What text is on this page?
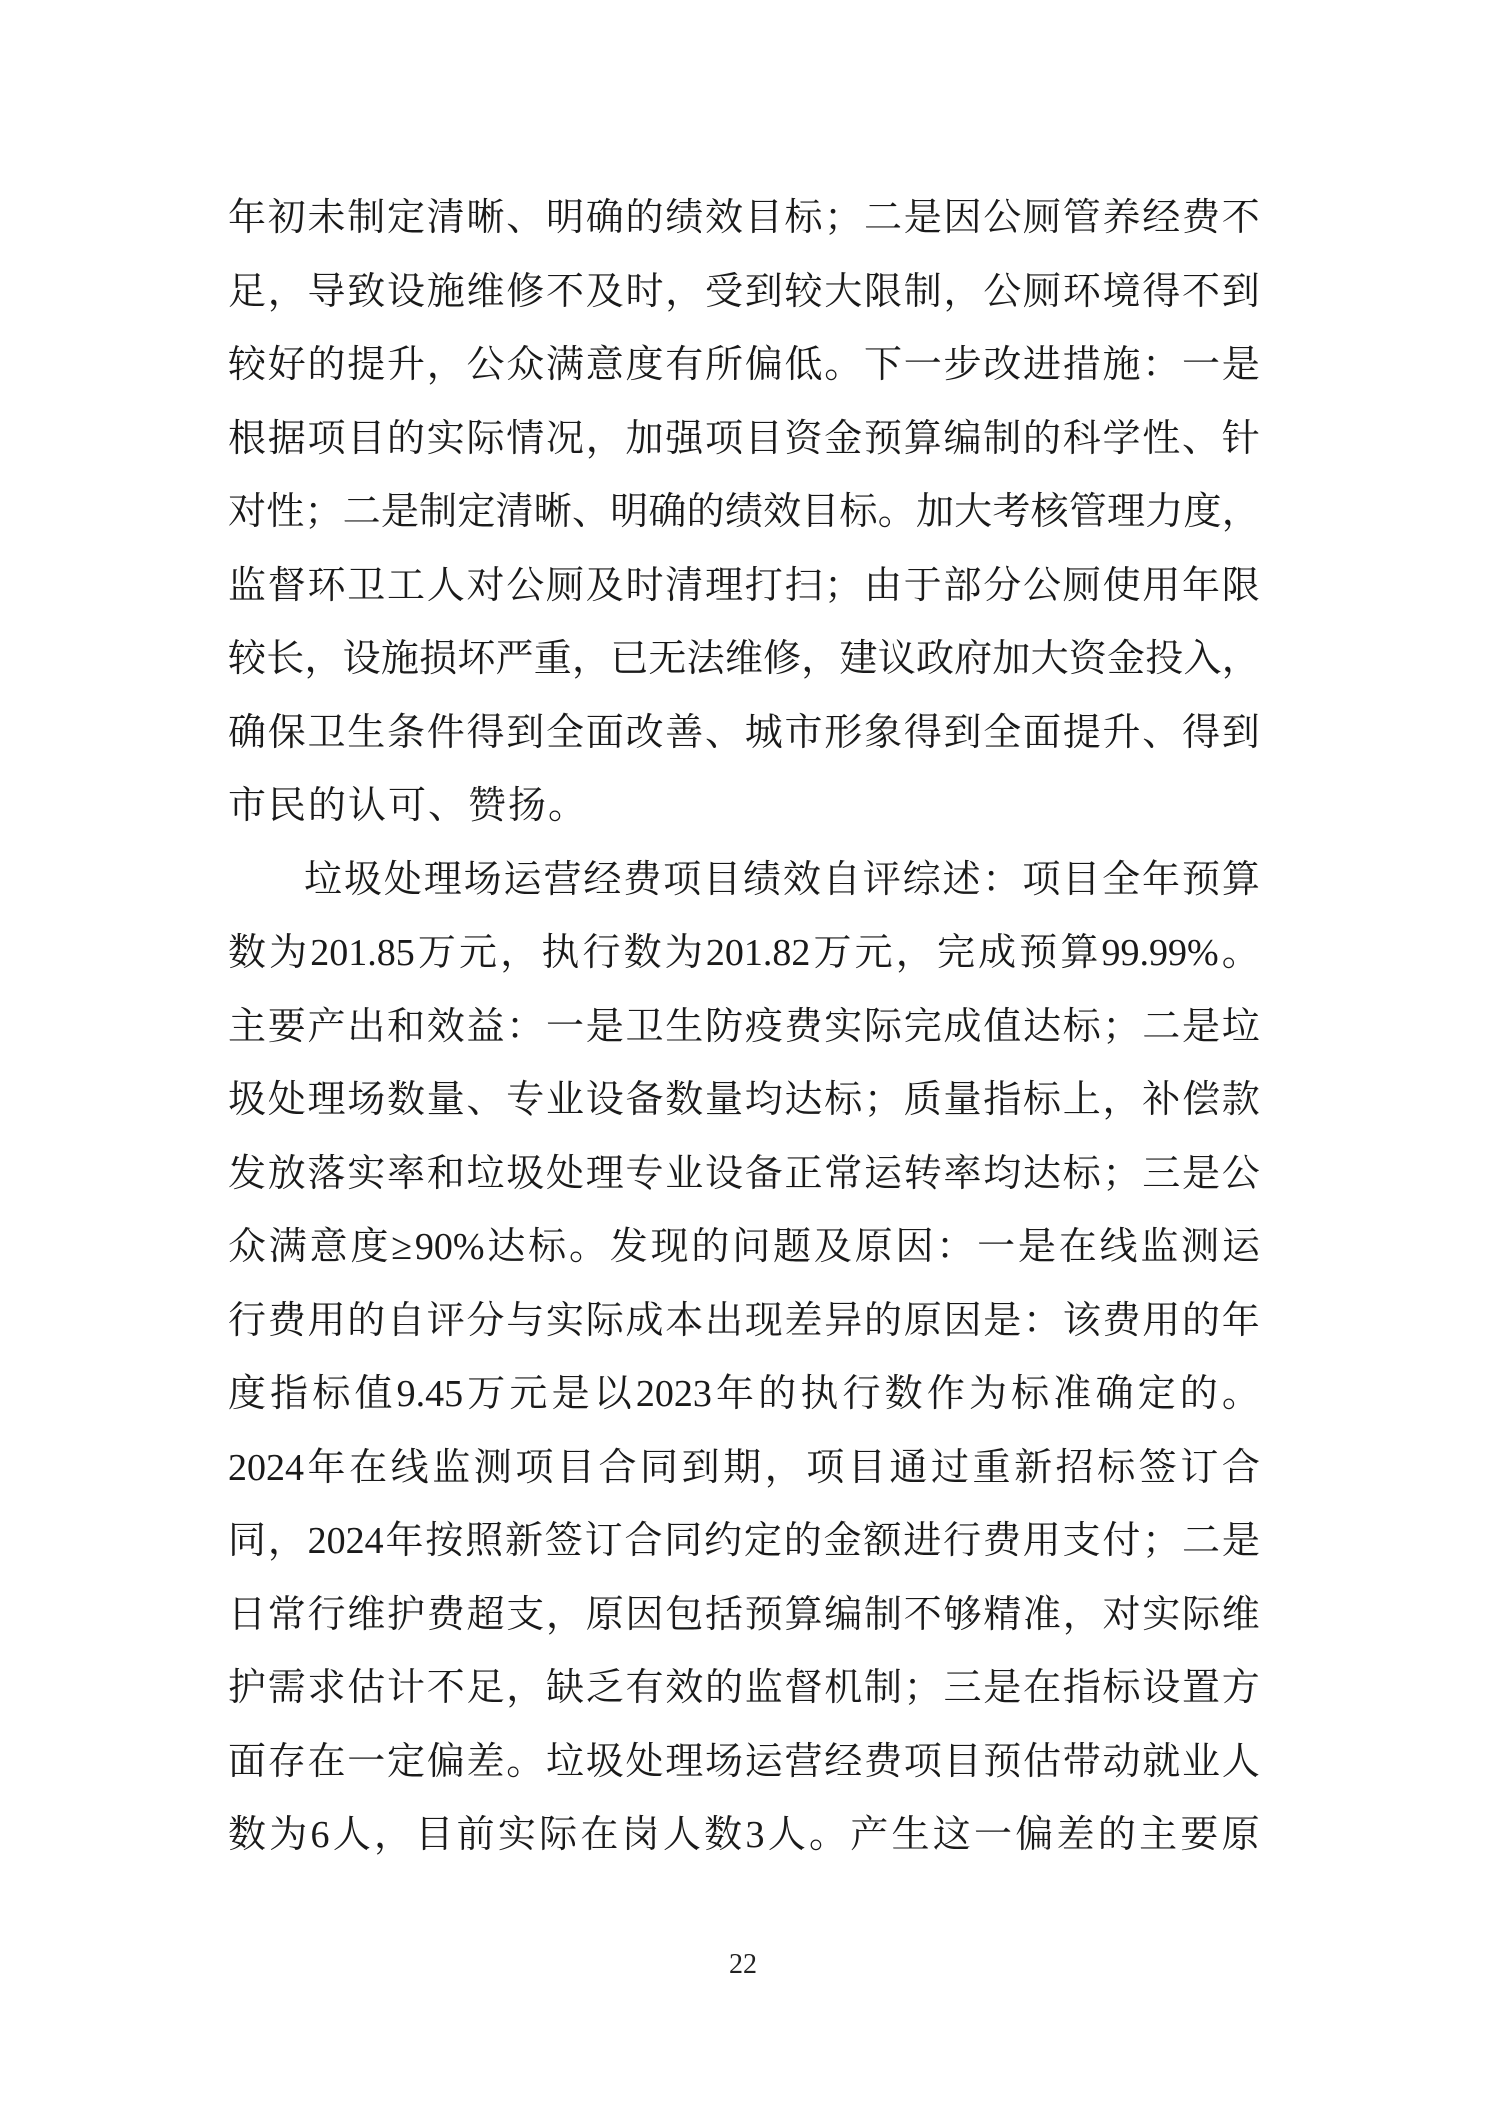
年 初 未 制 定 清 晰 、 明 确 的 绩 效 目 标 ； 二 是 因 公 厕 管 养 经 费 不
足 ， 导 致 设 施 维 修 不 及 时 ， 受 到 较 大 限 制 ， 公 厕 环 境 得 不 到
较 好 的 提 升 ， 公 众 满 意 度 有 所 偏 低 。 下 一 步 改 进 措 施 ： 一 是
根 据 项 目 的 实 际 情 况 ， 加 强 项 目 资 金 预 算 编 制 的 科 学 性 、 针
对 性 ； 二 是 制 定 清 晰 、 明 确 的 绩 效 目 标 。 加 大 考 核 管 理 力 度 ，
监 督 环 卫 工 人 对 公 厕 及 时 清 理 打 扫 ； 由 于 部 分 公 厕 使 用 年 限
较 长 ， 设 施 损 坏 严 重 ， 已 无 法 维 修 ， 建 议 政 府 加 大 资 金 投 入 ，
确 保 卫 生 条 件 得 到 全 面 改 善 、 城 市 形 象 得 到 全 面 提 升 、 得 到
市民的认可、赞扬。
垃 圾 处 理 场 运 营 经 费 项 目 绩 效 自 评 综 述 ： 项 目 全 年 预 算
数 为 201.85 万 元 ， 执 行 数 为 201.82 万 元 ， 完 成 预 算 99.99% 。
主 要 产 出 和 效 益 ： 一 是 卫 生 防 疫 费 实 际 完 成 值 达 标 ； 二 是 垃
圾 处 理 场 数 量 、 专 业 设 备 数 量 均 达 标 ； 质 量 指 标 上 ， 补 偿 款
发 放 落 实 率 和 垃 圾 处 理 专 业 设 备 正 常 运 转 率 均 达 标 ； 三 是 公
众 满 意 度 ≥ 90% 达 标 。 发 现 的 问 题 及 原 因 ： 一 是 在 线 监 测 运
行 费 用 的 自 评 分 与 实 际 成 本 出 现 差 异 的 原 因 是 ： 该 费 用 的 年
度 指 标 值 9.45 万 元 是 以 2023 年 的 执 行 数 作 为 标 准 确 定 的 。
2024 年 在 线 监 测 项 目 合 同 到 期 ， 项 目 通 过 重 新 招 标 签 订 合
同 ， 2024 年 按 照 新 签 订 合 同 约 定 的 金 额 进 行 费 用 支 付 ； 二 是
日 常 行 维 护 费 超 支 ， 原 因 包 括 预 算 编 制 不 够 精 准 ， 对 实 际 维
护 需 求 估 计 不 足 ， 缺 乏 有 效 的 监 督 机 制 ； 三 是 在 指 标 设 置 方
面 存 在 一 定 偏 差 。 垃 圾 处 理 场 运 营 经 费 项 目 预 估 带 动 就 业 人
数 为 6 人 ， 目 前 实 际 在 岗 人 数 3 人 。 产 生 这 一 偏 差 的 主 要 原
22
